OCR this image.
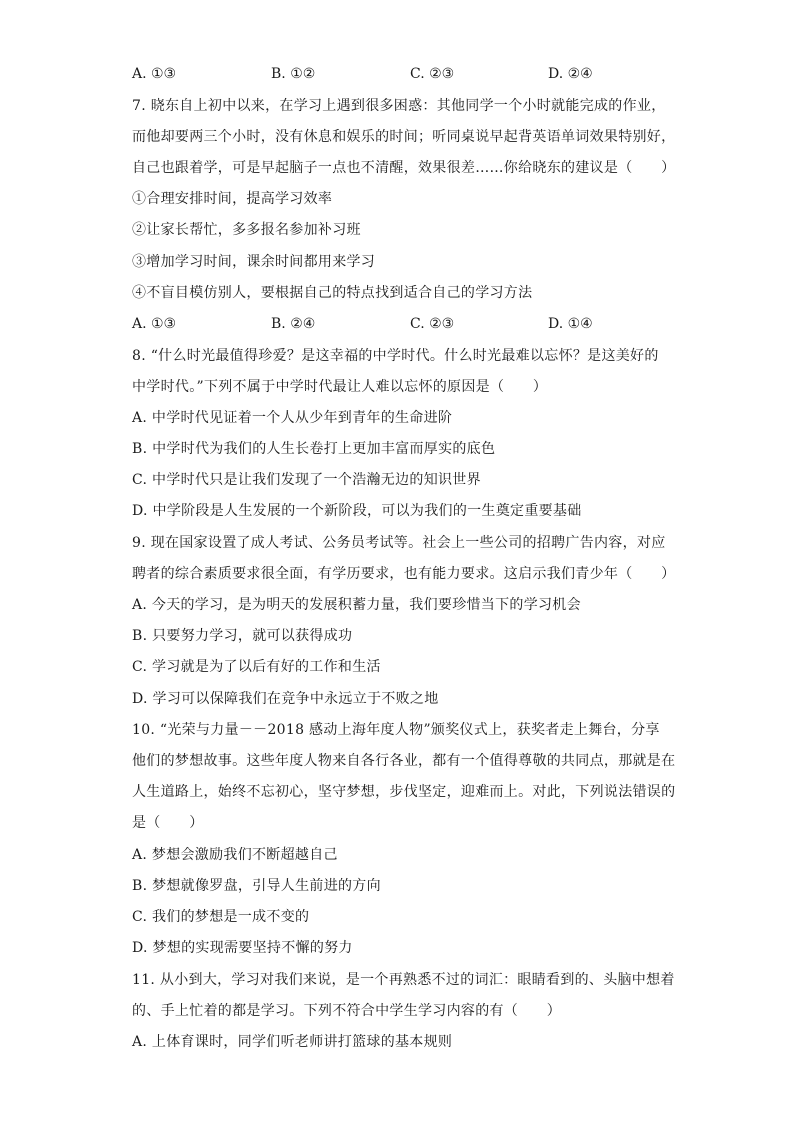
A. ①③	B. ①②	C. ②③	D. ②④
7. 晓东自上初中以来，在学习上遇到很多困惑：其他同学一个小时就能完成的作业，
而他却要两三个小时，没有休息和娱乐的时间；听同桌说早起背英语单词效果特别好，
自己也跟着学，可是早起脑子一点也不清醒，效果很差……你给晓东的建议是（　　）
①合理安排时间，提高学习效率
②让家长帮忙，多多报名参加补习班
③增加学习时间，课余时间都用来学习
④不盲目模仿别人，要根据自己的特点找到适合自己的学习方法
A. ①③	B. ②④	C. ②③	D. ①④
8. “什么时光最值得珍爱？是这幸福的中学时代。什么时光最难以忘怀？是这美好的
中学时代。”下列不属于中学时代最让人难以忘怀的原因是（　　）
A. 中学时代见证着一个人从少年到青年的生命进阶
B. 中学时代为我们的人生长卷打上更加丰富而厚实的底色
C. 中学时代只是让我们发现了一个浩瀚无边的知识世界
D. 中学阶段是人生发展的一个新阶段，可以为我们的一生奠定重要基础
9. 现在国家设置了成人考试、公务员考试等。社会上一些公司的招聘广告内容，对应
聘者的综合素质要求很全面，有学历要求，也有能力要求。这启示我们青少年（　　）
A. 今天的学习，是为明天的发展积蓄力量，我们要珍惜当下的学习机会
B. 只要努力学习，就可以获得成功
C. 学习就是为了以后有好的工作和生活
D. 学习可以保障我们在竞争中永远立于不败之地
10. “光荣与力量－－2018 感动上海年度人物”颁奖仪式上，获奖者走上舞台，分享
他们的梦想故事。这些年度人物来自各行各业，都有一个值得尊敬的共同点，那就是在
人生道路上，始终不忘初心，坚守梦想，步伐坚定，迎难而上。对此，下列说法错误的
是（　　）
A. 梦想会激励我们不断超越自己
B. 梦想就像罗盘，引导人生前进的方向
C. 我们的梦想是一成不变的
D. 梦想的实现需要坚持不懈的努力
11. 从小到大，学习对我们来说，是一个再熟悉不过的词汇：眼睛看到的、头脑中想着
的、手上忙着的都是学习。下列不符合中学生学习内容的有（　　）
A. 上体育课时，同学们听老师讲打篮球的基本规则
